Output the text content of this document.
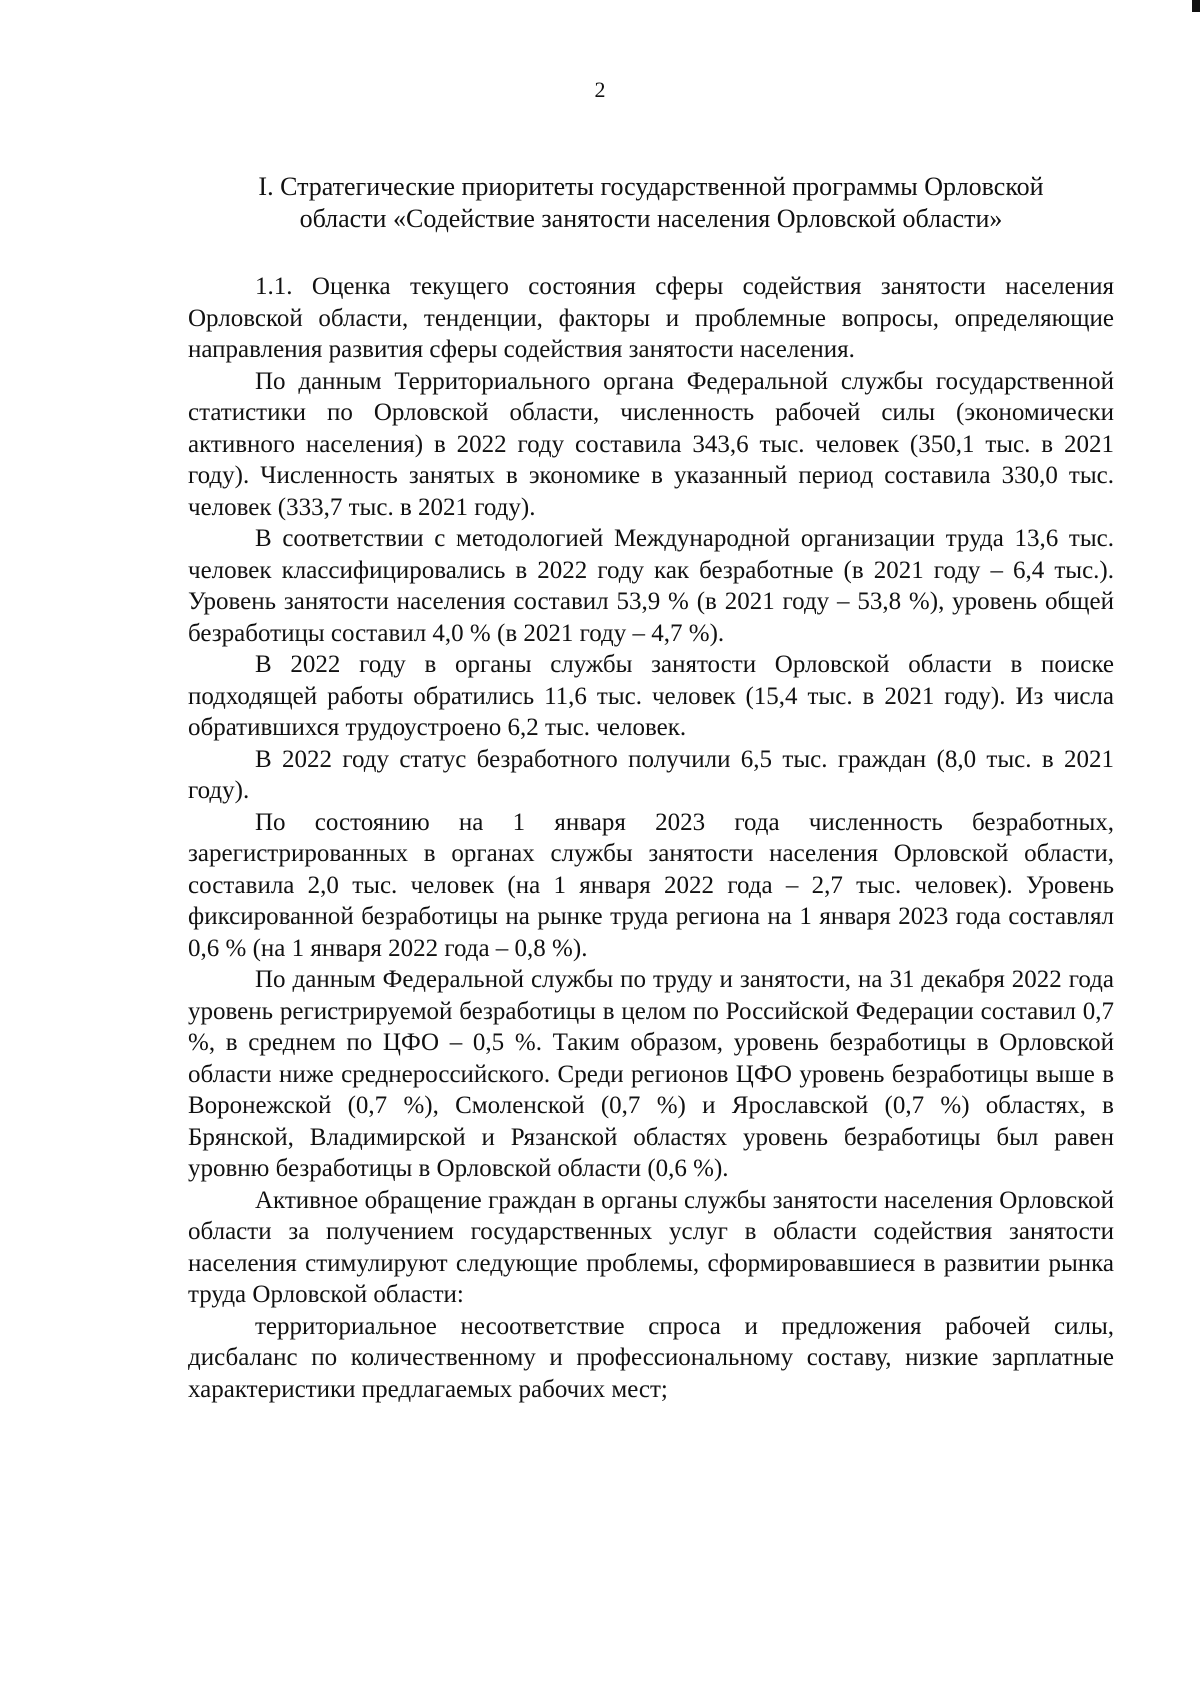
2
I. Стратегические приоритеты государственной программы Орловской
области «Содействие занятости населения Орловской области»

1.1. Оценка текущего состояния сферы содействия занятости населения Орловской области, тенденции, факторы и проблемные вопросы, определяющие направления развития сферы содействия занятости населения.

По данным Территориального органа Федеральной службы государственной статистики по Орловской области, численность рабочей силы (экономически активного населения) в 2022 году составила 343,6 тыс. человек (350,1 тыс. в 2021 году). Численность занятых в экономике в указанный период составила 330,0 тыс. человек (333,7 тыс. в 2021 году).

В соответствии с методологией Международной организации труда 13,6 тыс. человек классифицировались в 2022 году как безработные (в 2021 году – 6,4 тыс.). Уровень занятости населения составил 53,9 % (в 2021 году – 53,8 %), уровень общей безработицы составил 4,0 % (в 2021 году – 4,7 %).

В 2022 году в органы службы занятости Орловской области в поиске подходящей работы обратились 11,6 тыс. человек (15,4 тыс. в 2021 году). Из числа обратившихся трудоустроено 6,2 тыс. человек.

В 2022 году статус безработного получили 6,5 тыс. граждан (8,0 тыс. в 2021 году).

По состоянию на 1 января 2023 года численность безработных, зарегистрированных в органах службы занятости населения Орловской области, составила 2,0 тыс. человек (на 1 января 2022 года – 2,7 тыс. человек). Уровень фиксированной безработицы на рынке труда региона на 1 января 2023 года составлял 0,6 % (на 1 января 2022 года – 0,8 %).

По данным Федеральной службы по труду и занятости, на 31 декабря 2022 года уровень регистрируемой безработицы в целом по Российской Федерации составил 0,7 %, в среднем по ЦФО – 0,5 %. Таким образом, уровень безработицы в Орловской области ниже среднероссийского. Среди регионов ЦФО уровень безработицы выше в Воронежской (0,7 %), Смоленской (0,7 %) и Ярославской (0,7 %) областях, в Брянской, Владимирской и Рязанской областях уровень безработицы был равен уровню безработицы в Орловской области (0,6 %).

Активное обращение граждан в органы службы занятости населения Орловской области за получением государственных услуг в области содействия занятости населения стимулируют следующие проблемы, сформировавшиеся в развитии рынка труда Орловской области:

территориальное несоответствие спроса и предложения рабочей силы, дисбаланс по количественному и профессиональному составу, низкие зарплатные характеристики предлагаемых рабочих мест;
